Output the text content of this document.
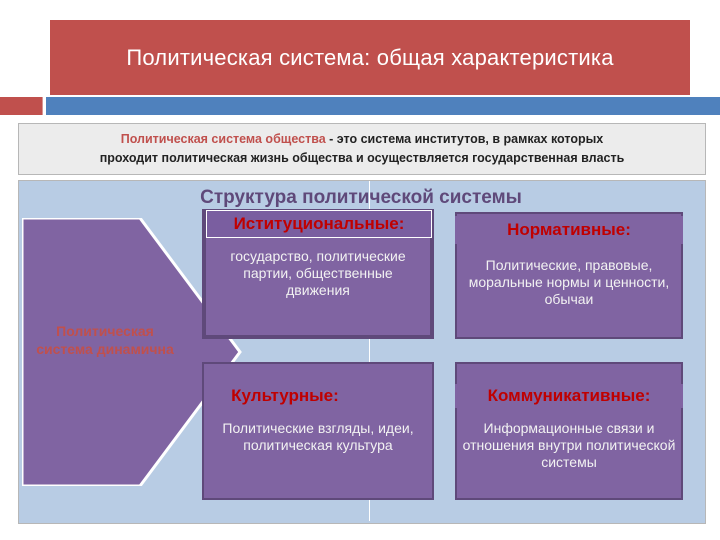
Политическая система: общая характеристика
Политическая система общества - это система институтов, в рамках которых
проходит политическая жизнь общества и осуществляется государственная власть
Структура политической системы
Политическая система динамична
Иституциональные:
государство, политические партии, общественные движения
Нормативные:
Политические, правовые, моральные нормы и ценности, обычаи
Культурные:
Политические взгляды, идеи, политическая культура
Коммуникативные:
Информационные связи и отношения внутри политической системы
